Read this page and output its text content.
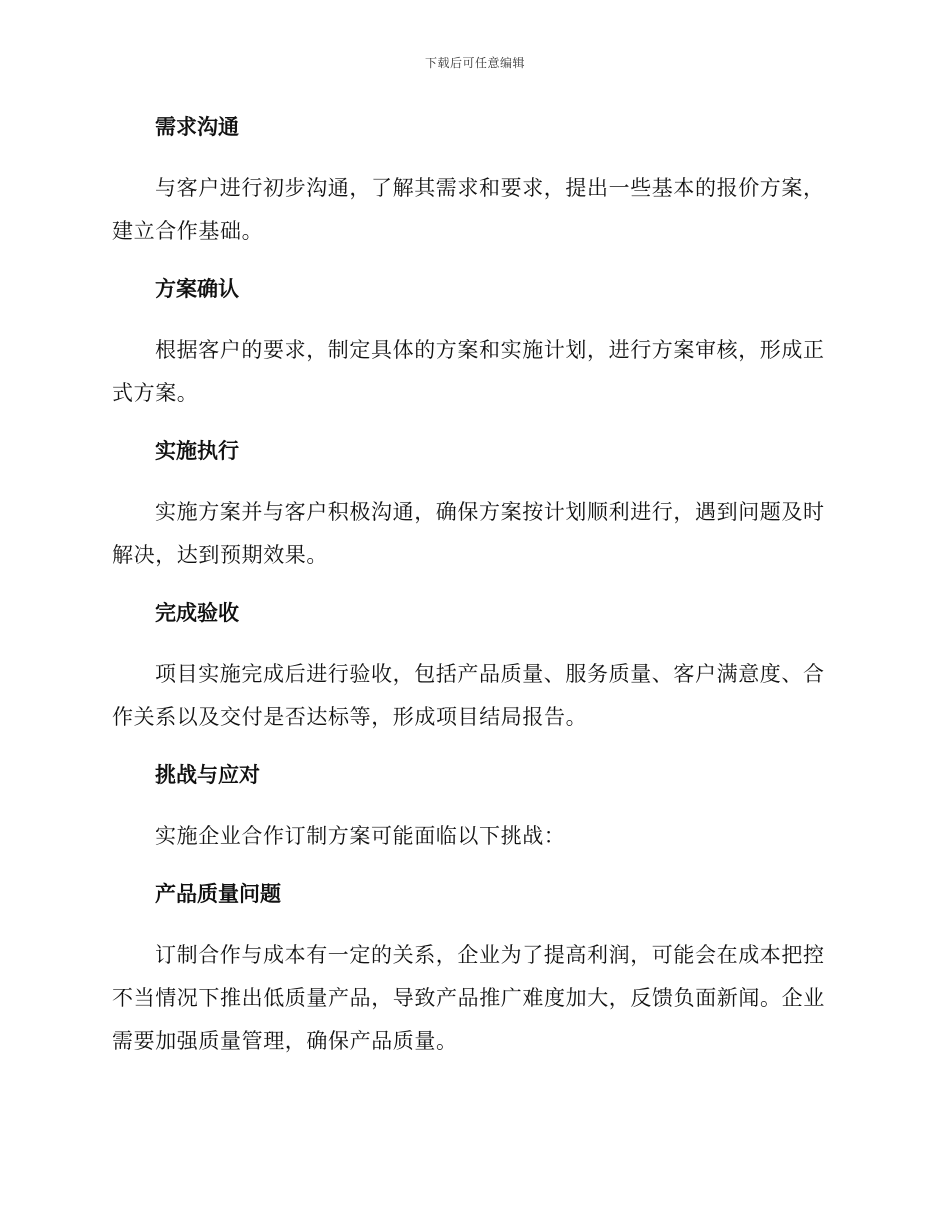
下载后可任意编辑
需求沟通

与客户进行初步沟通，了解其需求和要求，提出一些基本的报价方案，建立合作基础。

方案确认

根据客户的要求，制定具体的方案和实施计划，进行方案审核，形成正式方案。

实施执行

实施方案并与客户积极沟通，确保方案按计划顺利进行，遇到问题及时解决，达到预期效果。

完成验收

项目实施完成后进行验收，包括产品质量、服务质量、客户满意度、合作关系以及交付是否达标等，形成项目结局报告。

挑战与应对

实施企业合作订制方案可能面临以下挑战：

产品质量问题

订制合作与成本有一定的关系，企业为了提高利润，可能会在成本把控不当情况下推出低质量产品，导致产品推广难度加大，反馈负面新闻。企业需要加强质量管理，确保产品质量。
